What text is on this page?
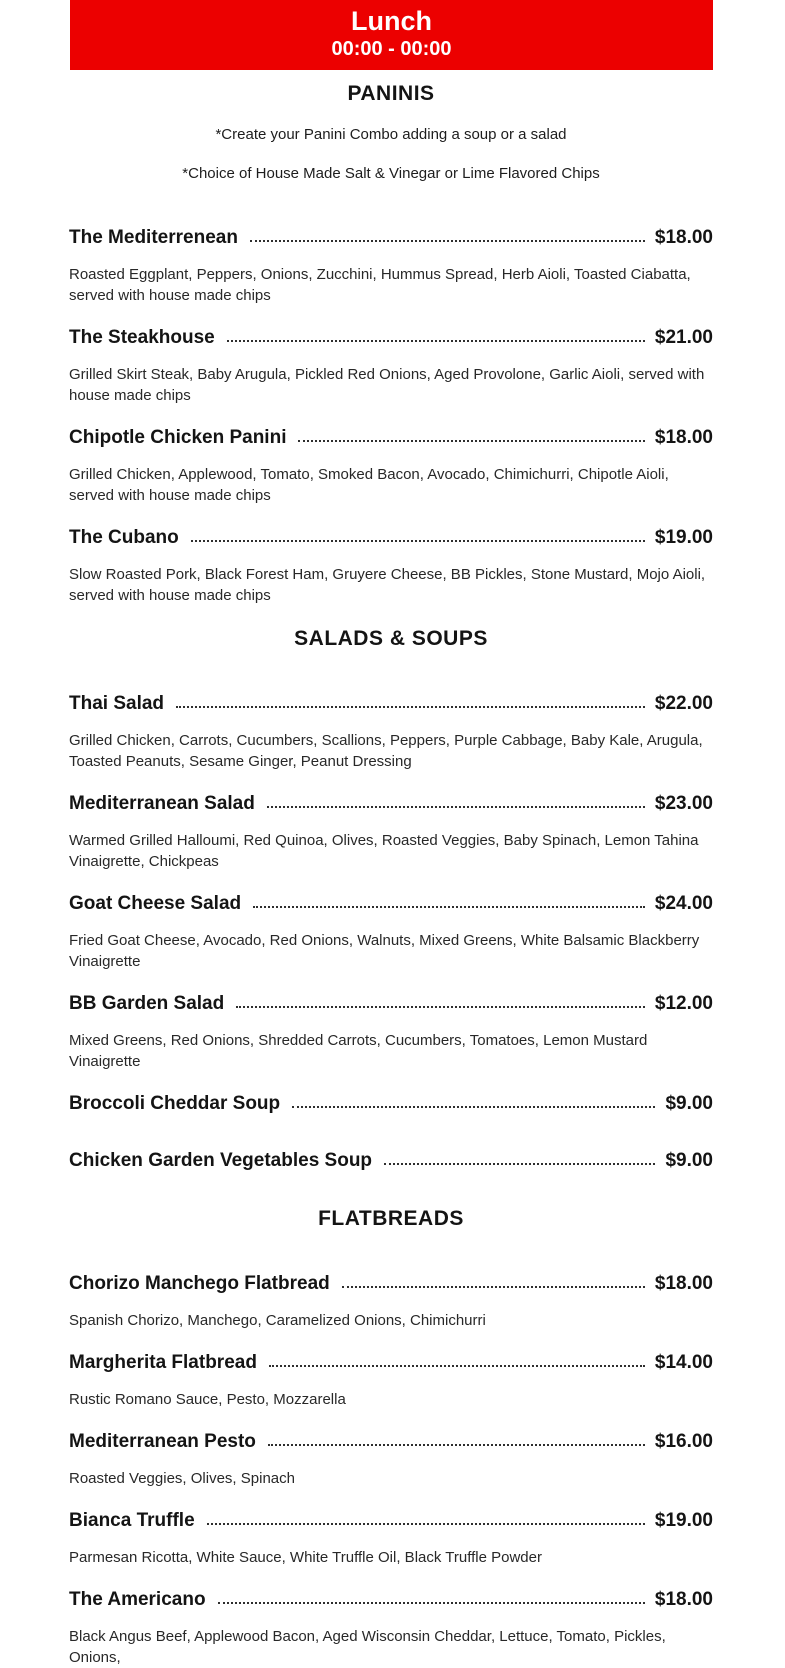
Lunch
00:00 - 00:00
PANINIS

*Create your Panini Combo adding a soup or a salad

*Choice of House Made Salt & Vinegar or Lime Flavored Chips

The Mediterrenean	$18.00

Roasted Eggplant, Peppers, Onions, Zucchini, Hummus Spread, Herb Aioli, Toasted Ciabatta, served with house made chips

The Steakhouse	$21.00

Grilled Skirt Steak, Baby Arugula, Pickled Red Onions, Aged Provolone, Garlic Aioli, served with house made chips

Chipotle Chicken Panini	$18.00

Grilled Chicken, Applewood, Tomato, Smoked Bacon, Avocado, Chimichurri, Chipotle Aioli, served with house made chips

The Cubano	$19.00

Slow Roasted Pork, Black Forest Ham, Gruyere Cheese, BB Pickles, Stone Mustard, Mojo Aioli, served with house made chips

SALADS & SOUPS
Thai Salad	$22.00

Grilled Chicken, Carrots, Cucumbers, Scallions, Peppers, Purple Cabbage, Baby Kale, Arugula, Toasted Peanuts, Sesame Ginger, Peanut Dressing

Mediterranean Salad	$23.00

Warmed Grilled Halloumi, Red Quinoa, Olives, Roasted Veggies, Baby Spinach, Lemon Tahina Vinaigrette, Chickpeas

Goat Cheese Salad	$24.00

Fried Goat Cheese, Avocado, Red Onions, Walnuts, Mixed Greens, White Balsamic Blackberry Vinaigrette

BB Garden Salad	$12.00

Mixed Greens, Red Onions, Shredded Carrots, Cucumbers, Tomatoes, Lemon Mustard Vinaigrette

Broccoli Cheddar Soup	$9.00
Chicken Garden Vegetables Soup	$9.00
FLATBREADS
Chorizo Manchego Flatbread	$18.00

Spanish Chorizo, Manchego, Caramelized Onions, Chimichurri

Margherita Flatbread	$14.00

Rustic Romano Sauce, Pesto, Mozzarella

Mediterranean Pesto	$16.00

Roasted Veggies, Olives, Spinach

Bianca Truffle	$19.00

Parmesan Ricotta, White Sauce, White Truffle Oil, Black Truffle Powder

The Americano	$18.00

Black Angus Beef, Applewood Bacon, Aged Wisconsin Cheddar, Lettuce, Tomato, Pickles, Onions,
